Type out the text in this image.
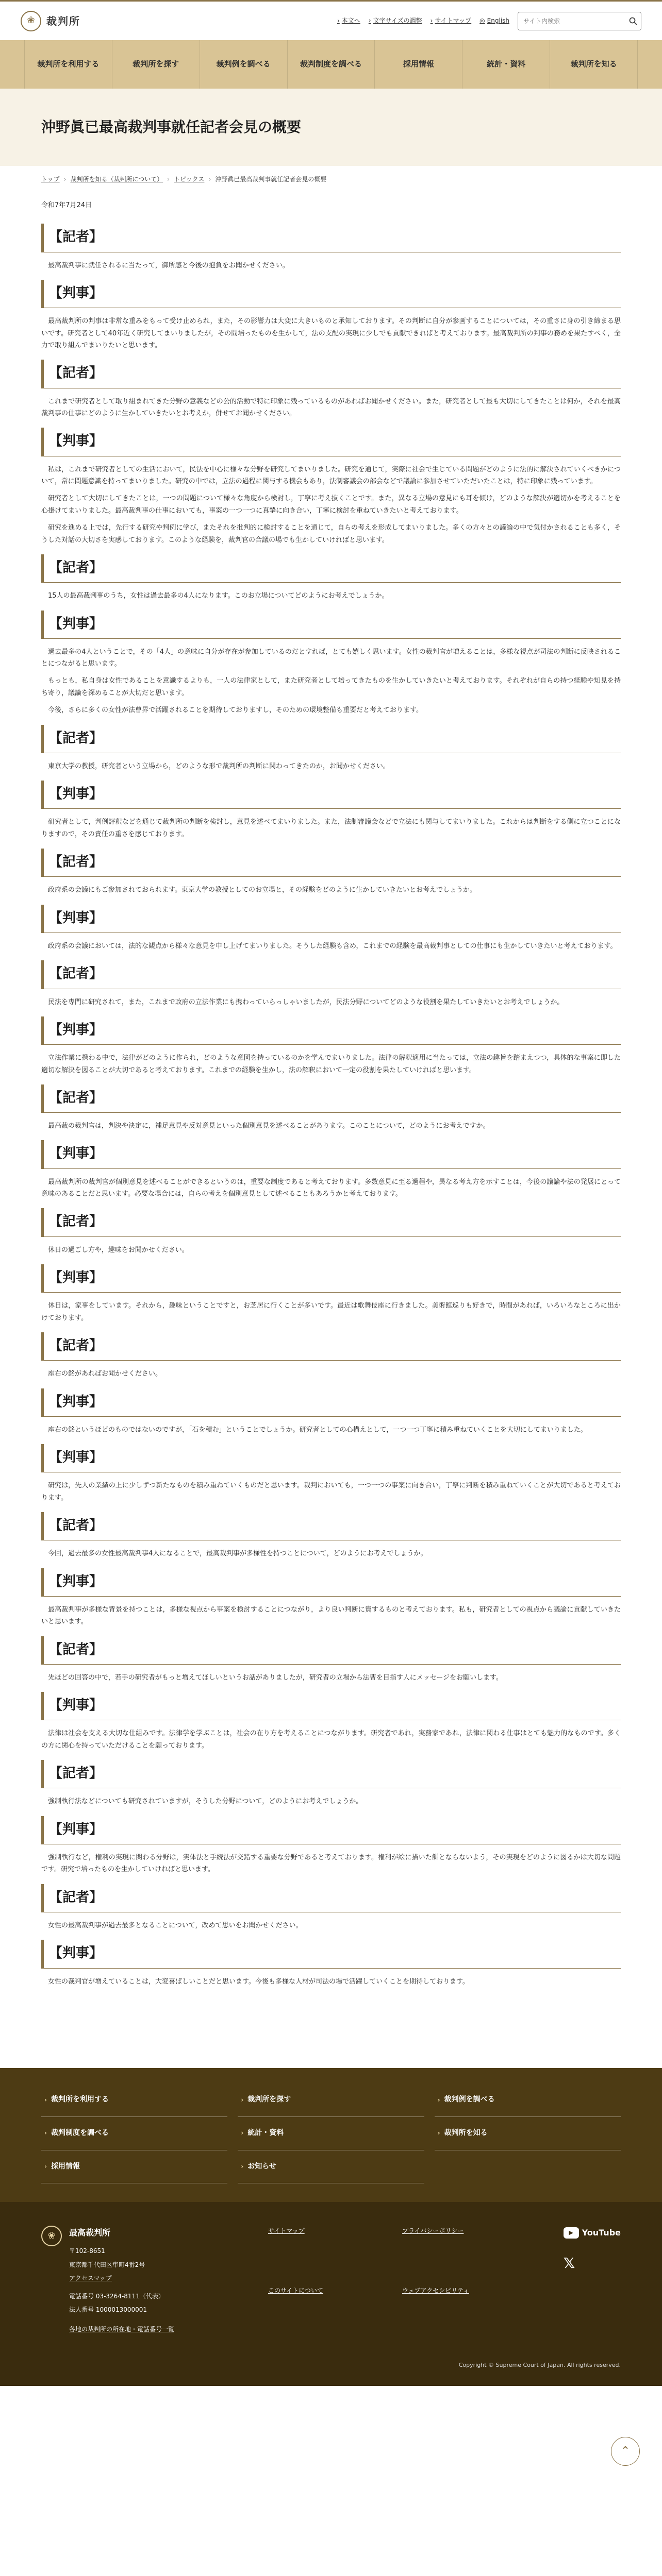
❀	裁判所	› 本文へ › 文字サイズの調整 › サイトマップ ◎ English
サイト内検索
裁判所を利用する	裁判所を探す	裁判例を調べる	裁判制度を調べる	採用情報	統計・資料	裁判所を知る
沖野眞已最高裁判事就任記者会見の概要
トップ › 裁判所を知る（裁判所について） › トピックス › 沖野眞已最高裁判事就任記者会見の概要

令和7年7月24日

【記者】

最高裁判事に就任されるに当たって，御所感と今後の抱負をお聞かせください。

【判事】

最高裁判所の判事は非常な重みをもって受け止められ，また，その影響力は大変に大きいものと承知しております。その判断に自分が参画することについては，その重さに身の引き締まる思いです。研究者として40年近く研究してまいりましたが，その間培ったものを生かして，法の支配の実現に少しでも貢献できればと考えております。最高裁判所の判事の務めを果たすべく，全力で取り組んでまいりたいと思います。

【記者】

これまで研究者として取り組まれてきた分野の意義などの公的活動で特に印象に残っているものがあればお聞かせください。また，研究者として最も大切にしてきたことは何か，それを最高裁判事の仕事にどのように生かしていきたいとお考えか，併せてお聞かせください。

【判事】

私は，これまで研究者としての生活において，民法を中心に様々な分野を研究してまいりました。研究を通じて，実際に社会で生じている問題がどのように法的に解決されていくべきかについて，常に問題意識を持ってまいりました。研究の中では，立法の過程に関与する機会もあり，法制審議会の部会などで議論に参加させていただいたことは，特に印象に残っています。

研究者として大切にしてきたことは，一つの問題について様々な角度から検討し，丁寧に考え抜くことです。また，異なる立場の意見にも耳を傾け，どのような解決が適切かを考えることを心掛けてまいりました。最高裁判事の仕事においても，事案の一つ一つに真摯に向き合い，丁寧に検討を重ねていきたいと考えております。

研究を進める上では，先行する研究や判例に学び，またそれを批判的に検討することを通じて，自らの考えを形成してまいりました。多くの方々との議論の中で気付かされることも多く，そうした対話の大切さを実感しております。このような経験を，裁判官の合議の場でも生かしていければと思います。

【記者】

15人の最高裁判事のうち，女性は過去最多の4人になります。このお立場についてどのようにお考えでしょうか。

【判事】

過去最多の4人ということで，その「4人」の意味に自分が存在が参加しているのだとすれば，とても嬉しく思います。女性の裁判官が増えることは，多様な視点が司法の判断に反映されることにつながると思います。

もっとも，私自身は女性であることを意識するよりも，一人の法律家として，また研究者として培ってきたものを生かしていきたいと考えております。それぞれが自らの持つ経験や知見を持ち寄り，議論を深めることが大切だと思います。

今後，さらに多くの女性が法曹界で活躍されることを期待しておりますし，そのための環境整備も重要だと考えております。

【記者】

東京大学の教授，研究者という立場から，どのような形で裁判所の判断に関わってきたのか，お聞かせください。

【判事】

研究者として，判例評釈などを通じて裁判所の判断を検討し，意見を述べてまいりました。また，法制審議会などで立法にも関与してまいりました。これからは判断をする側に立つことになりますので，その責任の重さを感じております。

【記者】

政府系の会議にもご参加されておられます。東京大学の教授としてのお立場と，その経験をどのように生かしていきたいとお考えでしょうか。

【判事】

政府系の会議においては，法的な観点から様々な意見を申し上げてまいりました。そうした経験も含め，これまでの経験を最高裁判事としての仕事にも生かしていきたいと考えております。

【記者】

民法を専門に研究されて，また，これまで政府の立法作業にも携わっていらっしゃいましたが，民法分野についてどのような役割を果たしていきたいとお考えでしょうか。

【判事】

立法作業に携わる中で，法律がどのように作られ，どのような意図を持っているのかを学んでまいりました。法律の解釈適用に当たっては，立法の趣旨を踏まえつつ，具体的な事案に即した適切な解決を図ることが大切であると考えております。これまでの経験を生かし，法の解釈において一定の役割を果たしていければと思います。

【記者】

最高裁の裁判官は，判決や決定に，補足意見や反対意見といった個別意見を述べることがあります。このことについて，どのようにお考えですか。

【判事】

最高裁判所の裁判官が個別意見を述べることができるというのは，重要な制度であると考えております。多数意見に至る過程や，異なる考え方を示すことは，今後の議論や法の発展にとって意味のあることだと思います。必要な場合には，自らの考えを個別意見として述べることもあろうかと考えております。

【記者】

休日の過ごし方や，趣味をお聞かせください。

【判事】

休日は，家事をしています。それから，趣味ということですと，お芝居に行くことが多いです。最近は歌舞伎座に行きました。美術館巡りも好きで，時間があれば，いろいろなところに出かけております。

【記者】

座右の銘があればお聞かせください。

【判事】

座右の銘というほどのものではないのですが，「石を積む」ということでしょうか。研究者としての心構えとして，一つ一つ丁寧に積み重ねていくことを大切にしてまいりました。

【判事】

研究は，先人の業績の上に少しずつ新たなものを積み重ねていくものだと思います。裁判においても，一つ一つの事案に向き合い，丁寧に判断を積み重ねていくことが大切であると考えております。

【記者】

今回，過去最多の女性最高裁判事4人になることで，最高裁判事が多様性を持つことについて，どのようにお考えでしょうか。

【判事】

最高裁判事が多様な背景を持つことは，多様な視点から事案を検討することにつながり，より良い判断に資するものと考えております。私も，研究者としての視点から議論に貢献していきたいと思います。

【記者】

先ほどの回答の中で，若手の研究者がもっと増えてほしいというお話がありましたが，研究者の立場から法曹を目指す人にメッセージをお願いします。

【判事】

法律は社会を支える大切な仕組みです。法律学を学ぶことは，社会の在り方を考えることにつながります。研究者であれ，実務家であれ，法律に関わる仕事はとても魅力的なものです。多くの方に関心を持っていただけることを願っております。

【記者】

強制執行法などについても研究されていますが，そうした分野について，どのようにお考えでしょうか。

【判事】

強制執行など，権利の実現に関わる分野は，実体法と手続法が交錯する重要な分野であると考えております。権利が絵に描いた餅とならないよう，その実現をどのように図るかは大切な問題です。研究で培ったものを生かしていければと思います。

【記者】

女性の最高裁判事が過去最多となることについて，改めて思いをお聞かせください。

【判事】

女性の裁判官が増えていることは，大変喜ばしいことだと思います。今後も多様な人材が司法の場で活躍していくことを期待しております。

⌃
› 裁判所を利用する	› 裁判所を探す	› 裁判例を調べる
› 裁判制度を調べる	› 統計・資料	› 裁判所を知る
› 採用情報	› お知らせ
❀	最高裁判所
〒102-8651
東京都千代田区隼町4番2号
アクセスマップ
電話番号 03-3264-8111（代表）
法人番号 1000013000001
各地の裁判所の所在地・電話番号一覧
サイトマップ	プライバシーポリシー
このサイトについて	ウェブアクセシビリティ
▶	YouTube
𝕏
Copyright © Supreme Court of Japan. All rights reserved.
